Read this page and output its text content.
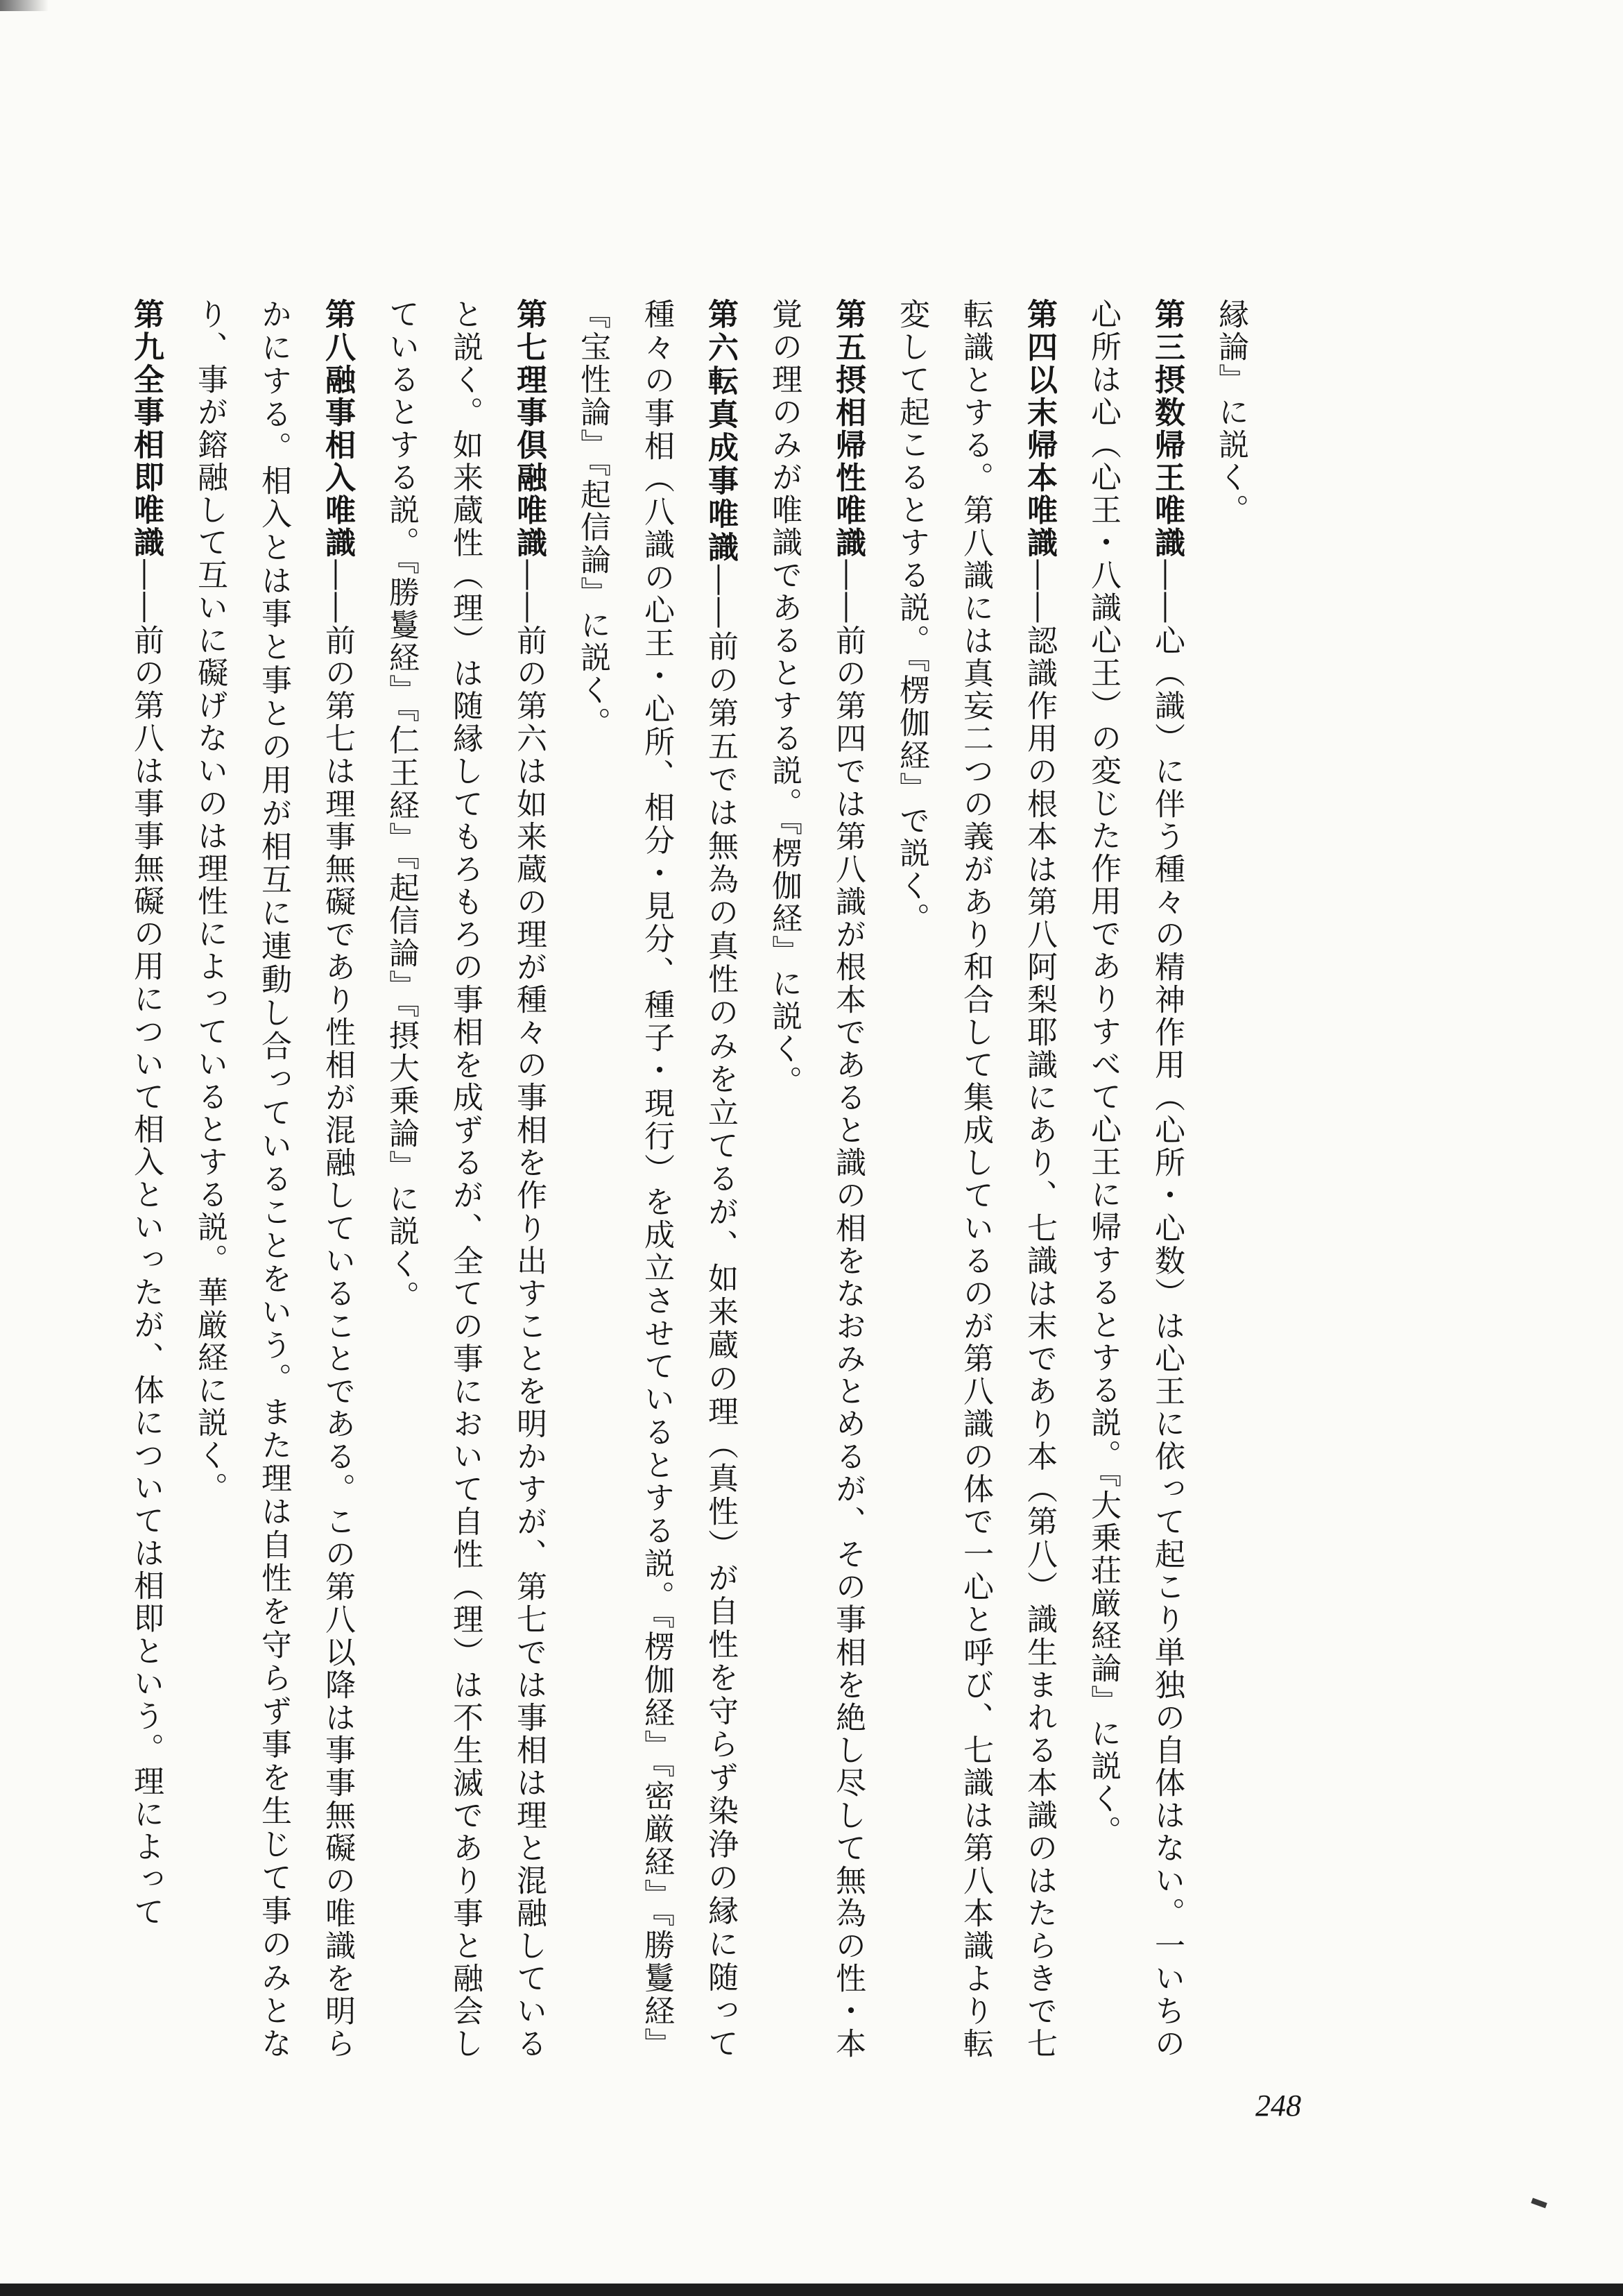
縁論』に説く。

第三摂数帰王唯識――心（識）に伴う種々の精神作用（心所・心数）は心王に依って起こり単独の自体はない。一いちの心所は心（心王・八識心王）の変じた作用でありすべて心王に帰するとする説。『大乗荘厳経論』に説く。

第四以末帰本唯識――認識作用の根本は第八阿梨耶識にあり、七識は末であり本（第八）識生まれる本識のはたらきで七転識とする。第八識には真妄二つの義があり和合して集成しているのが第八識の体で一心と呼び、七識は第八本識より転変して起こるとする説。『楞伽経』で説く。

第五摂相帰性唯識――前の第四では第八識が根本であると識の相をなおみとめるが、その事相を絶し尽して無為の性・本覚の理のみが唯識であるとする説。『楞伽経』に説く。

第六転真成事唯識――前の第五では無為の真性のみを立てるが、如来蔵の理（真性）が自性を守らず染浄の縁に随って種々の事相（八識の心王・心所、相分・見分、種子・現行）を成立させているとする説。『楞伽経』『密厳経』『勝鬘経』『宝性論』『起信論』に説く。

第七理事倶融唯識――前の第六は如来蔵の理が種々の事相を作り出すことを明かすが、第七では事相は理と混融していると説く。如来蔵性（理）は随縁してもろもろの事相を成ずるが、全ての事において自性（理）は不生滅であり事と融会しているとする説。『勝鬘経』『仁王経』『起信論』『摂大乗論』に説く。

第八融事相入唯識――前の第七は理事無礙であり性相が混融していることである。この第八以降は事事無礙の唯識を明らかにする。相入とは事と事との用が相互に連動し合っていることをいう。また理は自性を守らず事を生じて事のみとなり、事が鎔融して互いに礙げないのは理性によっているとする説。華厳経に説く。

第九全事相即唯識――前の第八は事事無礙の用について相入といったが、体については相即という。理によって

248
